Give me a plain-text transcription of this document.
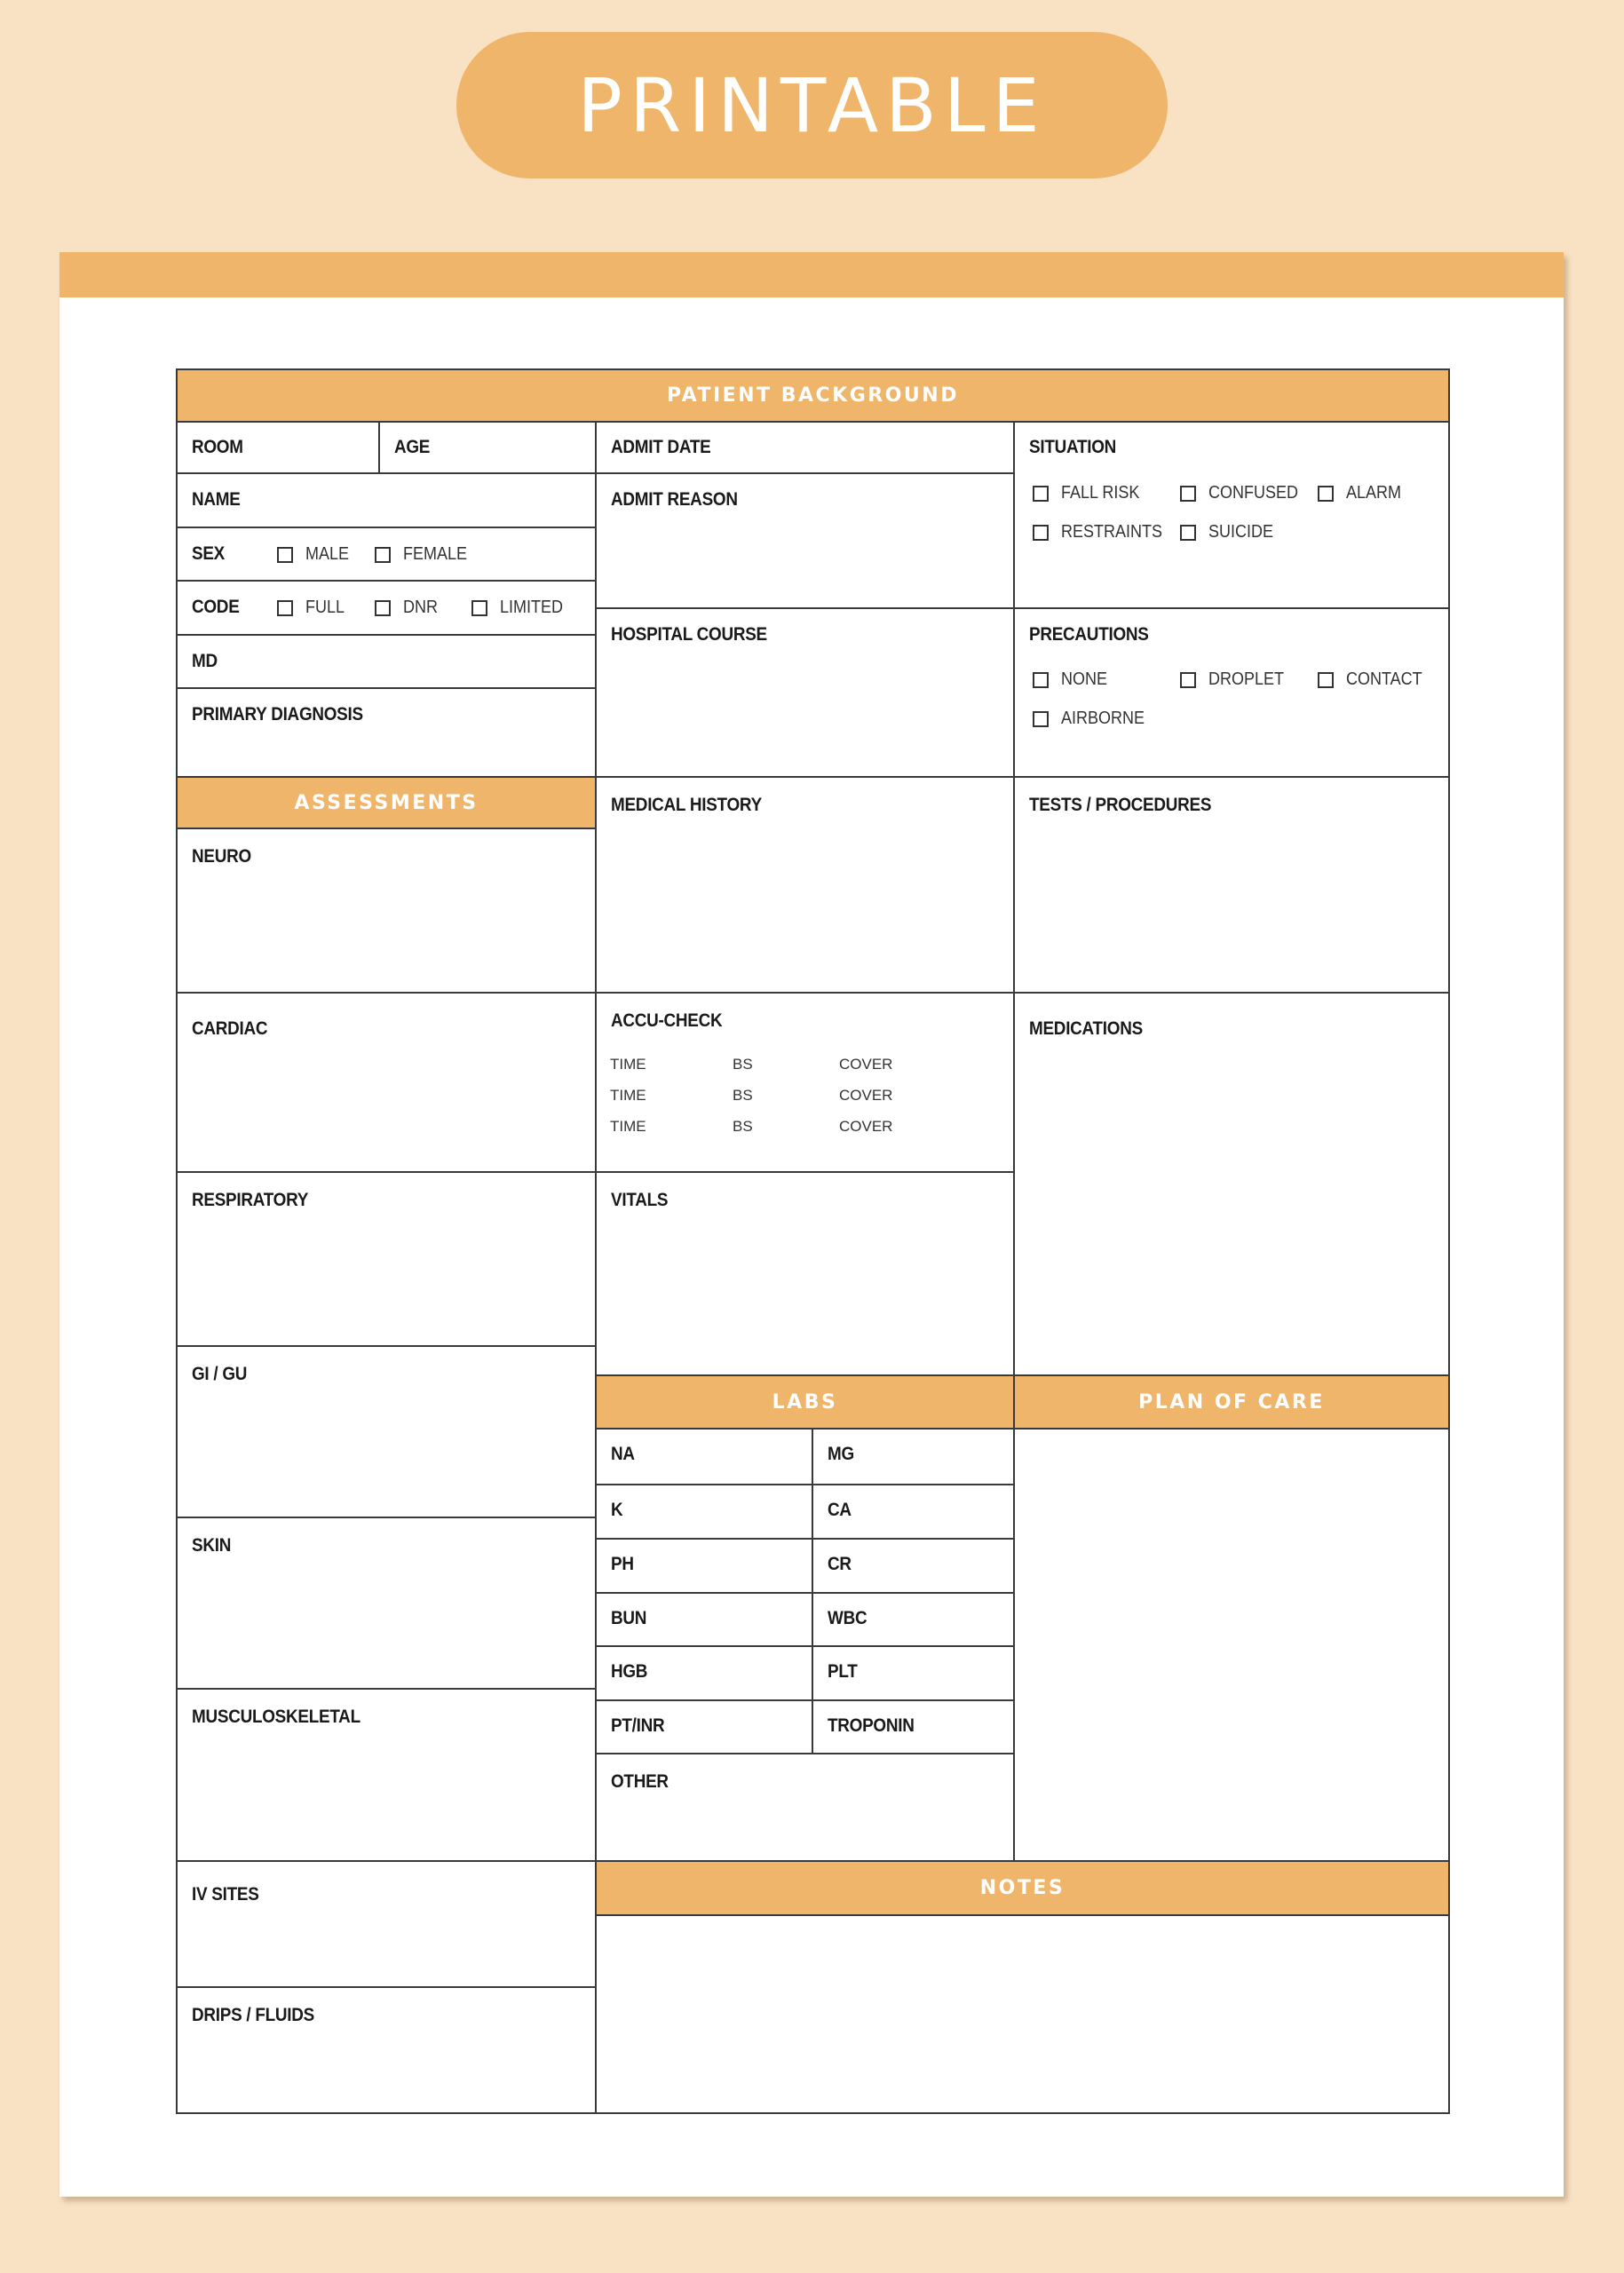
PRINTABLE
PATIENT BACKGROUND
ROOM	AGE
NAME
SEX	MALE	FEMALE
CODE	FULL	DNR	LIMITED
MD
PRIMARY DIAGNOSIS
ADMIT DATE
ADMIT REASON
HOSPITAL COURSE
SITUATION
FALL RISK	CONFUSED	ALARM
RESTRAINTS	SUICIDE
PRECAUTIONS
NONE	DROPLET	CONTACT
AIRBORNE
ASSESSMENTS
NEURO
CARDIAC
RESPIRATORY
GI / GU
SKIN
MUSCULOSKELETAL
IV SITES
DRIPS / FLUIDS
MEDICAL HISTORY
ACCU-CHECK
TIME	BS	COVER
TIME	BS	COVER
TIME	BS	COVER
VITALS
LABS
NA	MG
K	CA
PH	CR
BUN	WBC
HGB	PLT
PT/INR	TROPONIN
OTHER
TESTS / PROCEDURES
MEDICATIONS
PLAN OF CARE
NOTES
